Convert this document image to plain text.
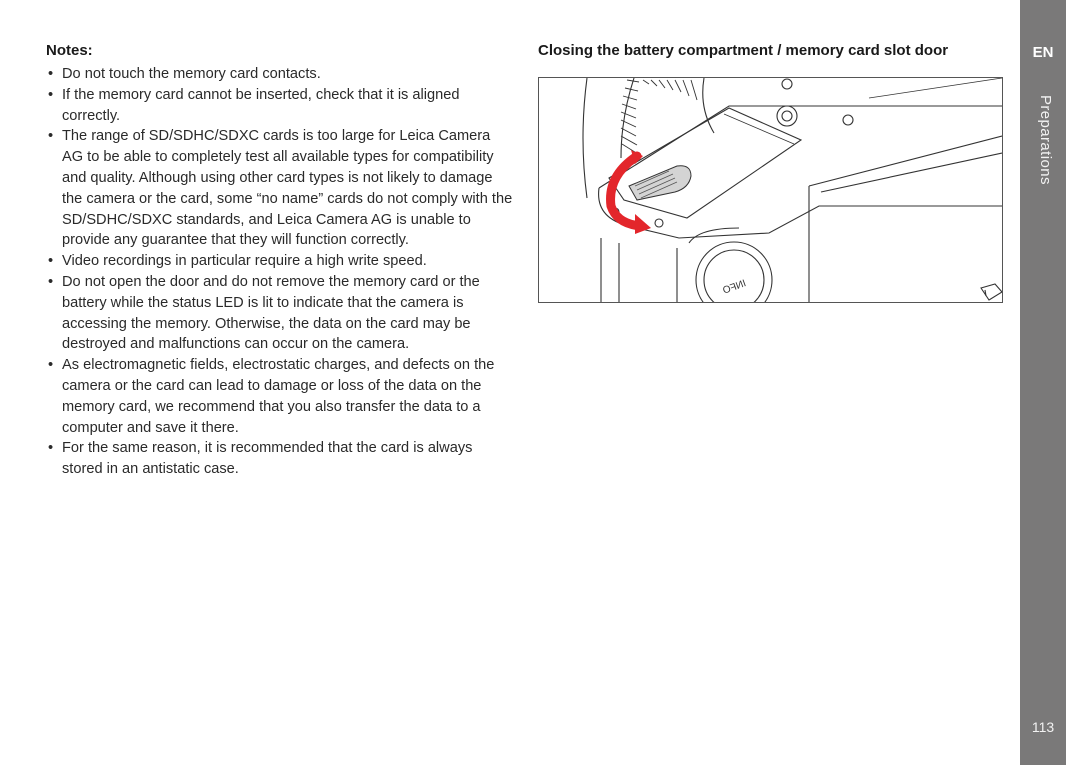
Notes:
• Do not touch the memory card contacts.
• If the memory card cannot be inserted, check that it is aligned correctly.
• The range of SD/SDHC/SDXC cards is too large for Leica Camera AG to be able to completely test all available types for compatibility and quality. Although using other card types is not likely to damage the camera or the card, some “no name” cards do not comply with the SD/SDHC/SDXC standards, and Leica Camera AG is unable to provide any guarantee that they will function correctly.
• Video recordings in particular require a high write speed.
• Do not open the door and do not remove the memory card or the battery while the status LED is lit to indicate that the camera is accessing the memory. Otherwise, the data on the card may be destroyed and malfunctions can occur on the camera.
• As electromagnetic fields, electrostatic charges, and defects on the camera or the card can lead to damage or loss of the data on the memory card, we recommend that you also transfer the data to a computer and save it there.
• For the same reason, it is recommended that the card is always stored in an antistatic case.
Closing the battery compartment / memory card slot door
INFO
EN
Preparations
113
